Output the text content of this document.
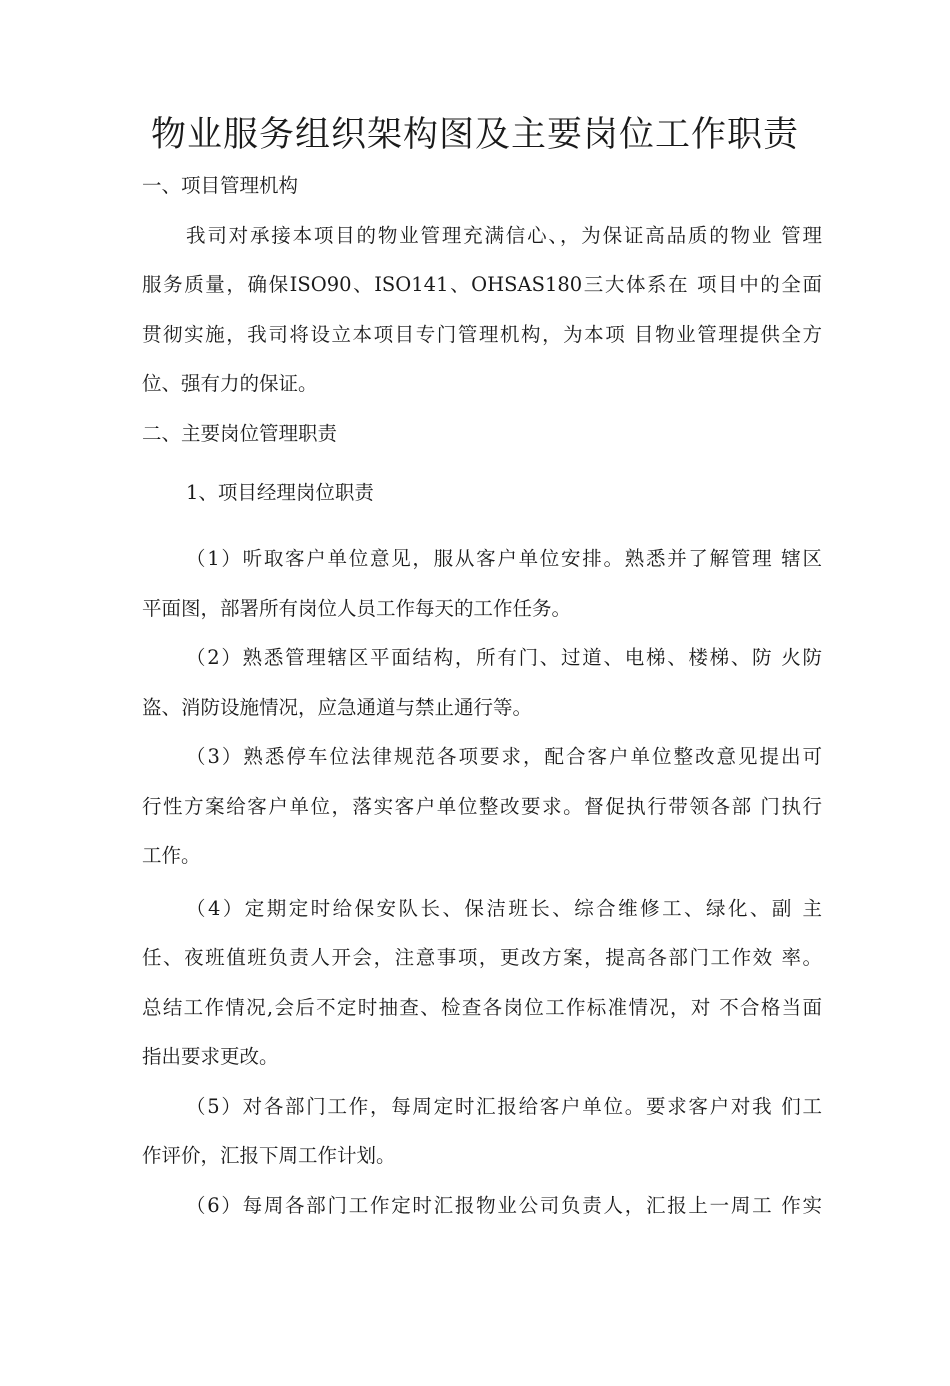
物业服务组织架构图及主要岗位工作职责

一、项目管理机构

我司对承接本项目的物业管理充满信心、，为保证高品质的物业 管理

服务质量，确保ISO90、ISO141、OHSAS180三大体系在 项目中的全面

贯彻实施，我司将设立本项目专门管理机构，为本项 目物业管理提供全方

位、强有力的保证。

二、主要岗位管理职责

1、项目经理岗位职责

（1）听取客户单位意见，服从客户单位安排。熟悉并了解管理 辖区

平面图，部署所有岗位人员工作每天的工作任务。

（2）熟悉管理辖区平面结构，所有门、过道、电梯、楼梯、防 火防

盗、消防设施情况，应急通道与禁止通行等。

（3）熟悉停车位法律规范各项要求，配合客户单位整改意见提出可

行性方案给客户单位，落实客户单位整改要求。督促执行带领各部 门执行

工作。

（4）定期定时给保安队长、保洁班长、综合维修工、绿化、副 主

任、夜班值班负责人开会，注意事项，更改方案，提高各部门工作效 率。

总结工作情况,会后不定时抽查、检查各岗位工作标准情况，对 不合格当面

指出要求更改。

（5）对各部门工作，每周定时汇报给客户单位。要求客户对我 们工

作评价，汇报下周工作计划。

（6）每周各部门工作定时汇报物业公司负责人，汇报上一周工 作实
